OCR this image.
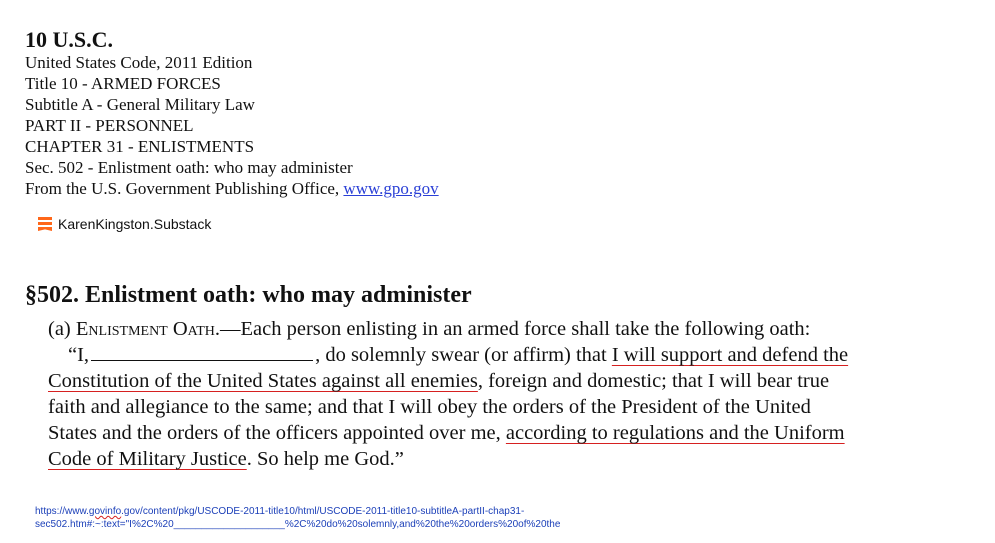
10 U.S.C.
United States Code, 2011 Edition
Title 10 - ARMED FORCES
Subtitle A - General Military Law
PART II - PERSONNEL
CHAPTER 31 - ENLISTMENTS
Sec. 502 - Enlistment oath: who may administer
From the U.S. Government Publishing Office, www.gpo.gov
KarenKingston.Substack
§502. Enlistment oath: who may administer
(a) Enlistment Oath.—Each person enlisting in an armed force shall take the following oath:
“I,	, do solemnly swear (or affirm) that I will support and defend the
Constitution of the United States against all enemies, foreign and domestic; that I will bear true
faith and allegiance to the same; and that I will obey the orders of the President of the United
States and the orders of the officers appointed over me, according to regulations and the Uniform
Code of Military Justice. So help me God.”
https://www.govinfo.gov/content/pkg/USCODE-2011-title10/html/USCODE-2011-title10-subtitleA-partII-chap31-
sec502.htm#:~:text="I%2C%20____________________%2C%20do%20solemnly,and%20the%20orders%20of%20the
